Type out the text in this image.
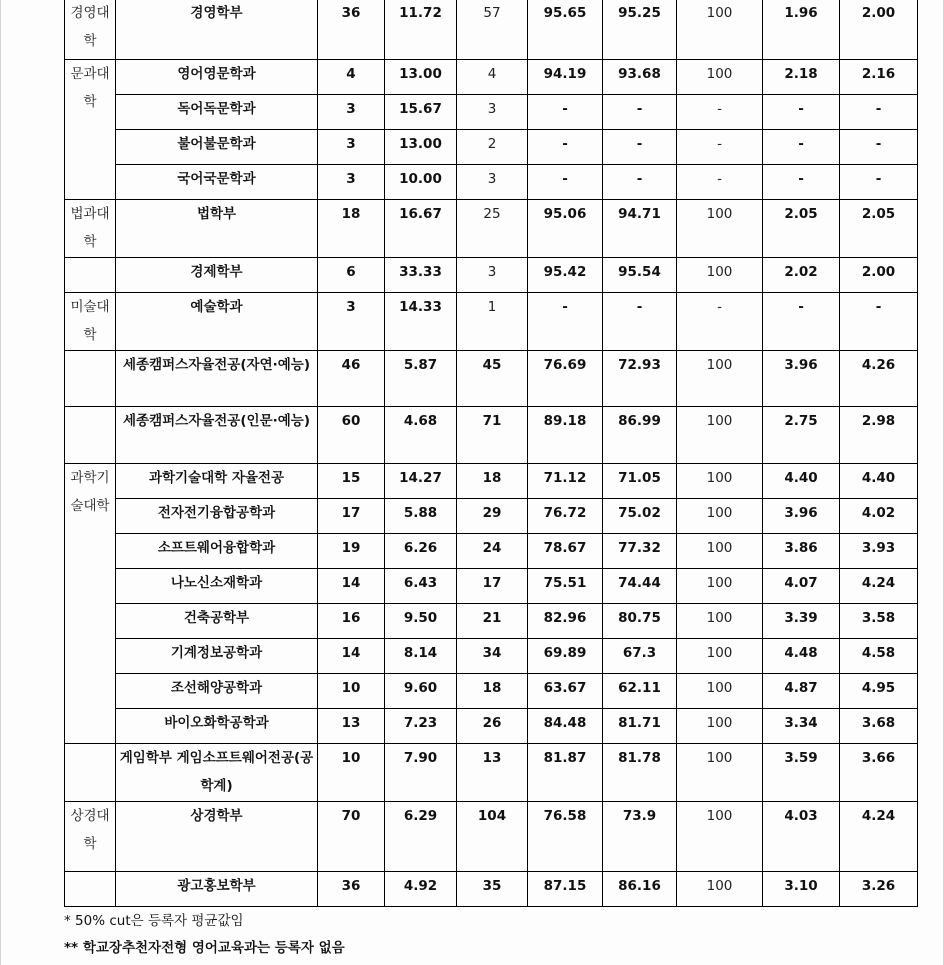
경영대학	경영학부	36	11.72	57	95.65	95.25	100	1.96	2.00
문과대학	영어영문학과	4	13.00	4	94.19	93.68	100	2.18	2.16
	독어독문학과	3	15.67	3	-	-	-	-	-
	불어불문학과	3	13.00	2	-	-	-	-	-
	국어국문학과	3	10.00	3	-	-	-	-	-
법과대학	법학부	18	16.67	25	95.06	94.71	100	2.05	2.05
	경제학부	6	33.33	3	95.42	95.54	100	2.02	2.00
미술대학	예술학과	3	14.33	1	-	-	-	-	-
	세종캠퍼스자율전공(자연·예능)	46	5.87	45	76.69	72.93	100	3.96	4.26
	세종캠퍼스자율전공(인문·예능)	60	4.68	71	89.18	86.99	100	2.75	2.98
과학기술대학	과학기술대학 자율전공	15	14.27	18	71.12	71.05	100	4.40	4.40
	전자전기융합공학과	17	5.88	29	76.72	75.02	100	3.96	4.02
	소프트웨어융합학과	19	6.26	24	78.67	77.32	100	3.86	3.93
	나노신소재학과	14	6.43	17	75.51	74.44	100	4.07	4.24
	건축공학부	16	9.50	21	82.96	80.75	100	3.39	3.58
	기계정보공학과	14	8.14	34	69.89	67.3	100	4.48	4.58
	조선해양공학과	10	9.60	18	63.67	62.11	100	4.87	4.95
	바이오화학공학과	13	7.23	26	84.48	81.71	100	3.34	3.68
	게임학부 게임소프트웨어전공(공학계)	10	7.90	13	81.87	81.78	100	3.59	3.66
상경대학	상경학부	70	6.29	104	76.58	73.9	100	4.03	4.24
	광고홍보학부	36	4.92	35	87.15	86.16	100	3.10	3.26
* 50% cut은 등록자 평균값임
** 학교장추천자전형 영어교육과는 등록자 없음
